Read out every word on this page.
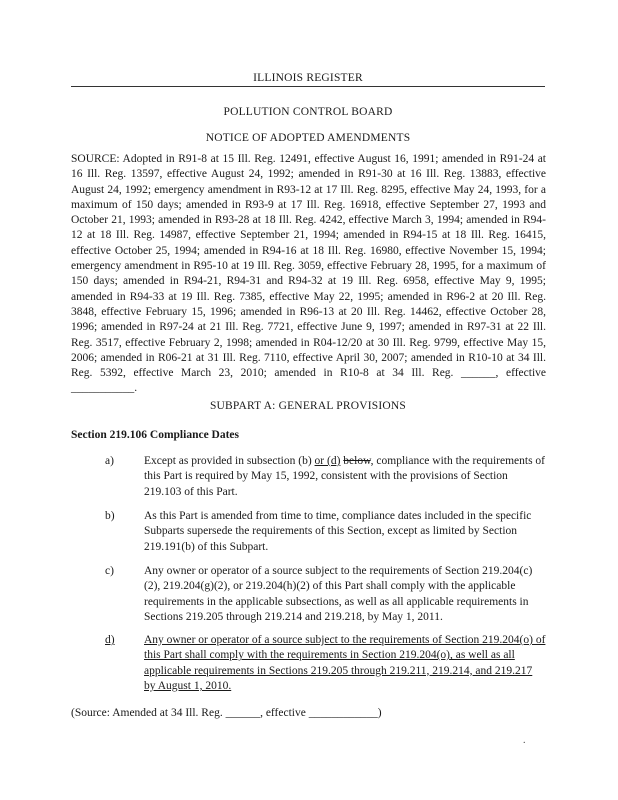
ILLINOIS REGISTER
POLLUTION CONTROL BOARD
NOTICE OF ADOPTED AMENDMENTS
SOURCE: Adopted in R91-8 at 15 Ill. Reg. 12491, effective August 16, 1991; amended in R91-24 at 16 Ill. Reg. 13597, effective August 24, 1992; amended in R91-30 at 16 Ill. Reg. 13883, effective August 24, 1992; emergency amendment in R93-12 at 17 Ill. Reg. 8295, effective May 24, 1993, for a maximum of 150 days; amended in R93-9 at 17 Ill. Reg. 16918, effective September 27, 1993 and October 21, 1993; amended in R93-28 at 18 Ill. Reg. 4242, effective March 3, 1994; amended in R94-12 at 18 Ill. Reg. 14987, effective September 21, 1994; amended in R94-15 at 18 Ill. Reg. 16415, effective October 25, 1994; amended in R94-16 at 18 Ill. Reg. 16980, effective November 15, 1994; emergency amendment in R95-10 at 19 Ill. Reg. 3059, effective February 28, 1995, for a maximum of 150 days; amended in R94-21, R94-31 and R94-32 at 19 Ill. Reg. 6958, effective May 9, 1995; amended in R94-33 at 19 Ill. Reg. 7385, effective May 22, 1995; amended in R96-2 at 20 Ill. Reg. 3848, effective February 15, 1996; amended in R96-13 at 20 Ill. Reg. 14462, effective October 28, 1996; amended in R97-24 at 21 Ill. Reg. 7721, effective June 9, 1997; amended in R97-31 at 22 Ill. Reg. 3517, effective February 2, 1998; amended in R04-12/20 at 30 Ill. Reg. 9799, effective May 15, 2006; amended in R06-21 at 31 Ill. Reg. 7110, effective April 30, 2007; amended in R10-10 at 34 Ill. Reg. 5392, effective March 23, 2010; amended in R10-8 at 34 Ill. Reg. ______, effective ___________.
SUBPART A: GENERAL PROVISIONS
Section 219.106 Compliance Dates
a)	Except as provided in subsection (b) or (d) below, compliance with the requirements of this Part is required by May 15, 1992, consistent with the provisions of Section 219.103 of this Part.
b)	As this Part is amended from time to time, compliance dates included in the specific Subparts supersede the requirements of this Section, except as limited by Section 219.191(b) of this Subpart.
c)	Any owner or operator of a source subject to the requirements of Section 219.204(c)(2), 219.204(g)(2), or 219.204(h)(2) of this Part shall comply with the applicable requirements in the applicable subsections, as well as all applicable requirements in Sections 219.205 through 219.214 and 219.218, by May 1, 2011.
d)	Any owner or operator of a source subject to the requirements of Section 219.204(o) of this Part shall comply with the requirements in Section 219.204(o), as well as all applicable requirements in Sections 219.205 through 219.211, 219.214, and 219.217 by August 1, 2010.
(Source: Amended at 34 Ill. Reg. ______, effective ____________)
.
